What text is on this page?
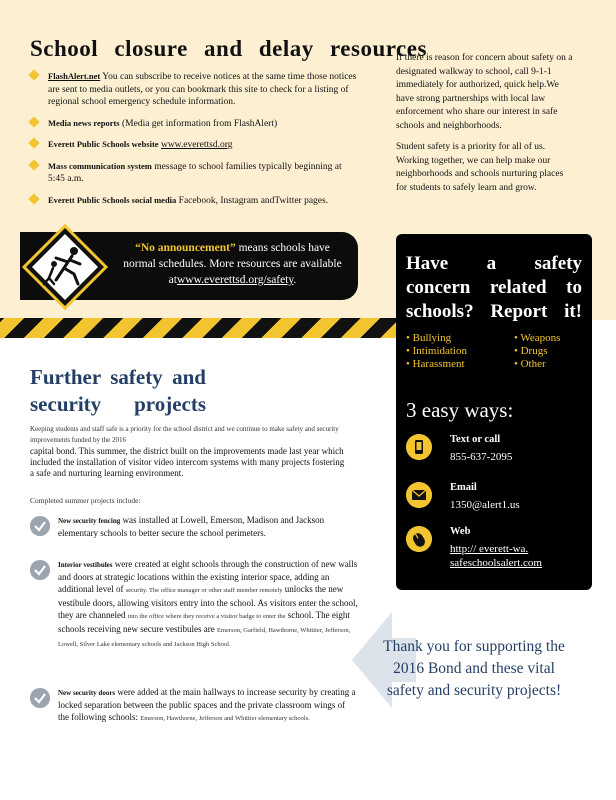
School closure and delay resources
FlashAlert.net You can subscribe to receive notices at the same time those notices are sent to media outlets, or you can bookmark this site to check for a listing of regional school emergency schedule information.
Media news reports (Media get information from FlashAlert)
Everett Public Schools website www.everettsd.org
Mass communication system message to school families typically beginning at 5:45 a.m.
Everett Public Schools social media Facebook, Instagram andTwitter pages.

If there is reason for concern about safety on a designated walkway to school, call 9-1-1 immediately for authorized, quick help.We have strong partnerships with local law enforcement who share our interest in safe schools and neighborhoods.

Student safety is a priority for all of us. Working together, we can help make our neighborhoods and schools nurturing places for students to safely learn and grow.

“No announcement” means schools have normal schedules. More resources are available atwww.everettsd.org/safety.
Have a safety concern related to schools? Report it!
• Bullying	• Weapons
• Intimidation	• Drugs
• Harassment	• Other
3 easy ways:
Text or call
855-637-2095
Email
1350@alert1.us
Web
http:// everett-wa. safeschoolsalert.com
Further safety and security projects
Keeping students and staff safe is a priority for the school district and we continue to make safety and security improvements funded by the 2016
capital bond. This summer, the district built on the improvements made last year which included the installation of visitor video intercom systems with many projects fostering a safe and nurturing learning environment.
Completed summer projects include:
New security fencing was installed at Lowell, Emerson, Madison and Jackson elementary schools to better secure the school perimeters.
Interior vestibules were created at eight schools through the construction of new walls and doors at strategic locations within the existing interior space, adding an additional level of security. The office manager or other staff member remotely unlocks the new vestibule doors, allowing visitors entry into the school. As visitors enter the school, they are channeled into the office where they receive a visitor badge to enter the school. The eight schools receiving new secure vestibules are Emerson, Garfield, Hawthorne, Whittier, Jefferson, Lowell, Silver Lake elementary schools and Jackson High School.
New security doors were added at the main hallways to increase security by creating a locked separation between the public spaces and the private classroom wings of the following schools: Emerson, Hawthorne, Jefferson and Whittier elementary schools.
Thank you for supporting the 2016 Bond and these vital safety and security projects!
